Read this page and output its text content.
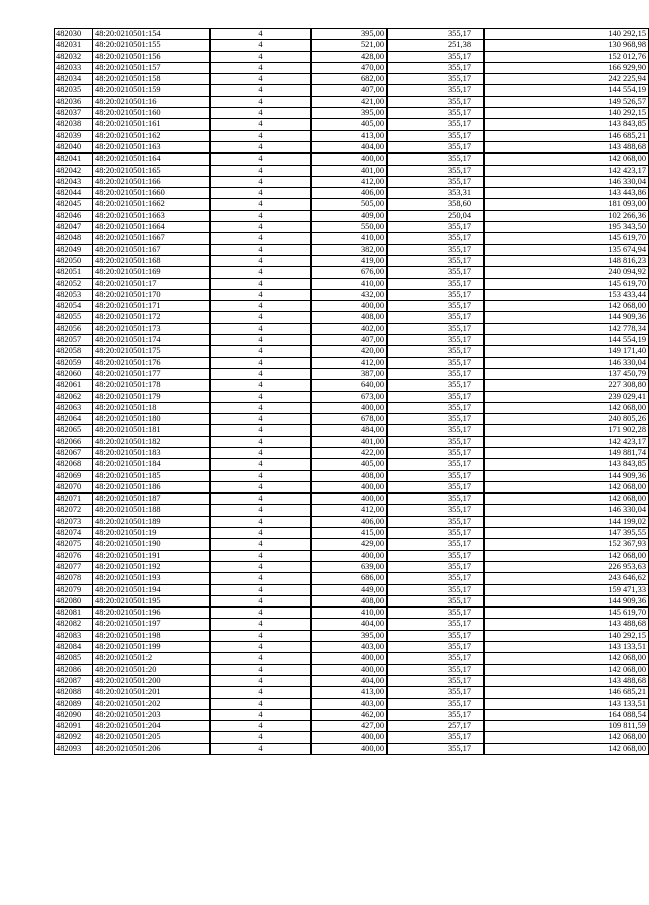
482030	48:20:0210501:154	4	395,00	355,17	140 292,15
482031	48:20:0210501:155	4	521,00	251,38	130 968,98
482032	48:20:0210501:156	4	428,00	355,17	152 012,76
482033	48:20:0210501:157	4	470,00	355,17	166 929,90
482034	48:20:0210501:158	4	682,00	355,17	242 225,94
482035	48:20:0210501:159	4	407,00	355,17	144 554,19
482036	48:20:0210501:16	4	421,00	355,17	149 526,57
482037	48:20:0210501:160	4	395,00	355,17	140 292,15
482038	48:20:0210501:161	4	405,00	355,17	143 843,85
482039	48:20:0210501:162	4	413,00	355,17	146 685,21
482040	48:20:0210501:163	4	404,00	355,17	143 488,68
482041	48:20:0210501:164	4	400,00	355,17	142 068,00
482042	48:20:0210501:165	4	401,00	355,17	142 423,17
482043	48:20:0210501:166	4	412,00	355,17	146 330,04
482044	48:20:0210501:1660	4	406,00	353,31	143 443,86
482045	48:20:0210501:1662	4	505,00	358,60	181 093,00
482046	48:20:0210501:1663	4	409,00	250,04	102 266,36
482047	48:20:0210501:1664	4	550,00	355,17	195 343,50
482048	48:20:0210501:1667	4	410,00	355,17	145 619,70
482049	48:20:0210501:167	4	382,00	355,17	135 674,94
482050	48:20:0210501:168	4	419,00	355,17	148 816,23
482051	48:20:0210501:169	4	676,00	355,17	240 094,92
482052	48:20:0210501:17	4	410,00	355,17	145 619,70
482053	48:20:0210501:170	4	432,00	355,17	153 433,44
482054	48:20:0210501:171	4	400,00	355,17	142 068,00
482055	48:20:0210501:172	4	408,00	355,17	144 909,36
482056	48:20:0210501:173	4	402,00	355,17	142 778,34
482057	48:20:0210501:174	4	407,00	355,17	144 554,19
482058	48:20:0210501:175	4	420,00	355,17	149 171,40
482059	48:20:0210501:176	4	412,00	355,17	146 330,04
482060	48:20:0210501:177	4	387,00	355,17	137 450,79
482061	48:20:0210501:178	4	640,00	355,17	227 308,80
482062	48:20:0210501:179	4	673,00	355,17	239 029,41
482063	48:20:0210501:18	4	400,00	355,17	142 068,00
482064	48:20:0210501:180	4	678,00	355,17	240 805,26
482065	48:20:0210501:181	4	484,00	355,17	171 902,28
482066	48:20:0210501:182	4	401,00	355,17	142 423,17
482067	48:20:0210501:183	4	422,00	355,17	149 881,74
482068	48:20:0210501:184	4	405,00	355,17	143 843,85
482069	48:20:0210501:185	4	408,00	355,17	144 909,36
482070	48:20:0210501:186	4	400,00	355,17	142 068,00
482071	48:20:0210501:187	4	400,00	355,17	142 068,00
482072	48:20:0210501:188	4	412,00	355,17	146 330,04
482073	48:20:0210501:189	4	406,00	355,17	144 199,02
482074	48:20:0210501:19	4	415,00	355,17	147 395,55
482075	48:20:0210501:190	4	429,00	355,17	152 367,93
482076	48:20:0210501:191	4	400,00	355,17	142 068,00
482077	48:20:0210501:192	4	639,00	355,17	226 953,63
482078	48:20:0210501:193	4	686,00	355,17	243 646,62
482079	48:20:0210501:194	4	449,00	355,17	159 471,33
482080	48:20:0210501:195	4	408,00	355,17	144 909,36
482081	48:20:0210501:196	4	410,00	355,17	145 619,70
482082	48:20:0210501:197	4	404,00	355,17	143 488,68
482083	48:20:0210501:198	4	395,00	355,17	140 292,15
482084	48:20:0210501:199	4	403,00	355,17	143 133,51
482085	48:20:0210501:2	4	400,00	355,17	142 068,00
482086	48:20:0210501:20	4	400,00	355,17	142 068,00
482087	48:20:0210501:200	4	404,00	355,17	143 488,68
482088	48:20:0210501:201	4	413,00	355,17	146 685,21
482089	48:20:0210501:202	4	403,00	355,17	143 133,51
482090	48:20:0210501:203	4	462,00	355,17	164 088,54
482091	48:20:0210501:204	4	427,00	257,17	109 811,59
482092	48:20:0210501:205	4	400,00	355,17	142 068,00
482093	48:20:0210501:206	4	400,00	355,17	142 068,00
